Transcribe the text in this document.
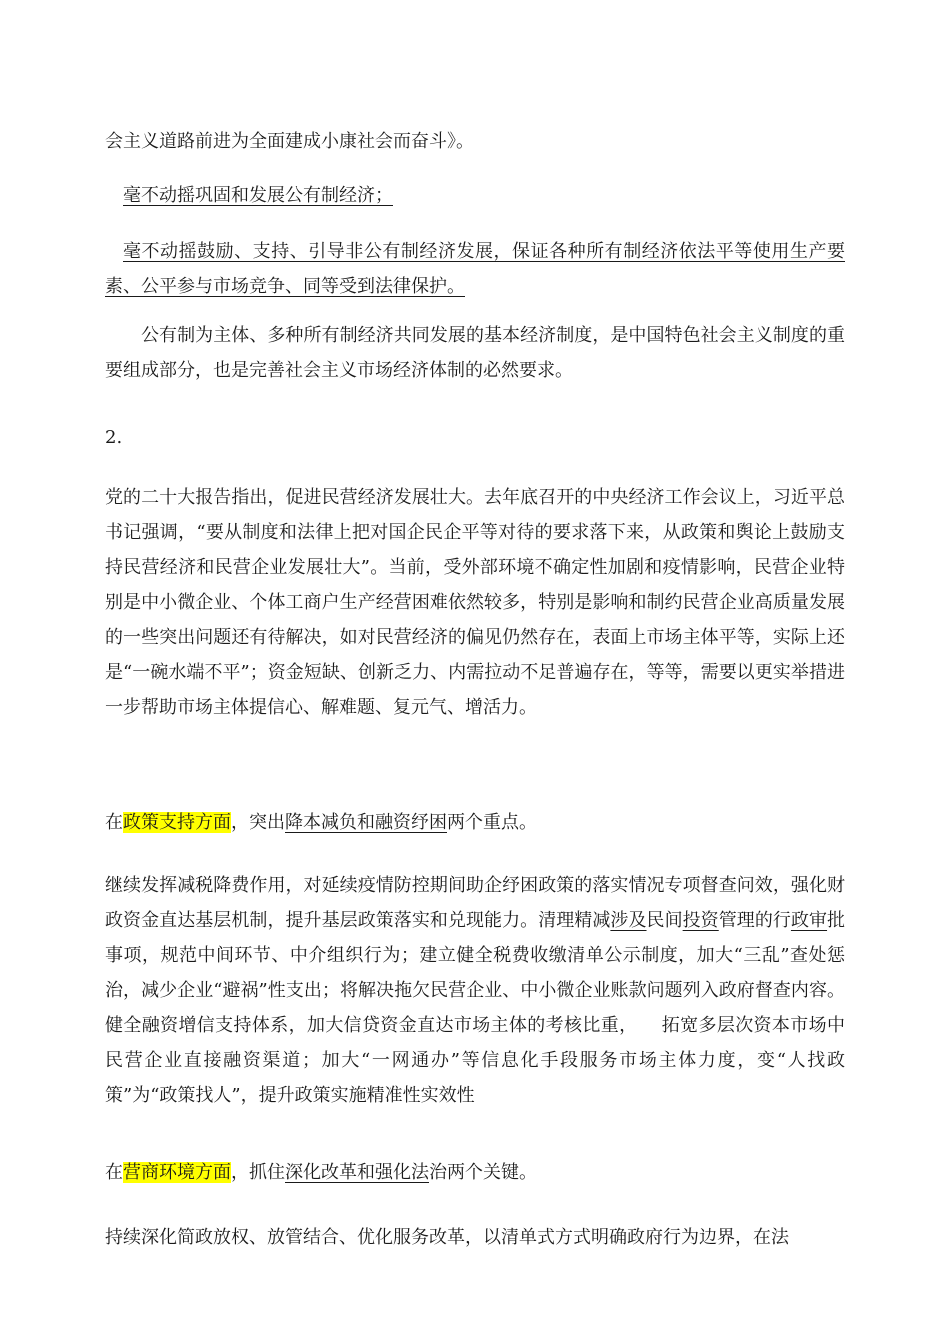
会主义道路前进为全面建成小康社会而奋斗》。

毫不动摇巩固和发展公有制经济；

毫不动摇鼓励、支持、引导非公有制经济发展，保证各种所有制经济依法平等使用生产要素、公平参与市场竞争、同等受到法律保护。

公有制为主体、多种所有制经济共同发展的基本经济制度，是中国特色社会主义制度的重要组成部分，也是完善社会主义市场经济体制的必然要求。

2.

党的二十大报告指出，促进民营经济发展壮大。去年底召开的中央经济工作会议上，习近平总书记强调，“要从制度和法律上把对国企民企平等对待的要求落下来，从政策和舆论上鼓励支持民营经济和民营企业发展壮大”。当前，受外部环境不确定性加剧和疫情影响，民营企业特别是中小微企业、个体工商户生产经营困难依然较多，特别是影响和制约民营企业高质量发展的一些突出问题还有待解决，如对民营经济的偏见仍然存在，表面上市场主体平等，实际上还是“一碗水端不平”；资金短缺、创新乏力、内需拉动不足普遍存在，等等，需要以更实举措进一步帮助市场主体提信心、解难题、复元气、增活力。

在政策支持方面，突出降本减负和融资纾困两个重点。

继续发挥减税降费作用，对延续疫情防控期间助企纾困政策的落实情况专项督查问效，强化财政资金直达基层机制，提升基层政策落实和兑现能力。清理精减涉及民间投资管理的行政审批事项，规范中间环节、中介组织行为；建立健全税费收缴清单公示制度，加大“三乱”查处惩治，减少企业“避祸”性支出；将解决拖欠民营企业、中小微企业账款问题列入政府督查内容。健全融资增信支持体系，加大信贷资金直达市场主体的考核比重，    拓宽多层次资本市场中民营企业直接融资渠道；加大“一网通办”等信息化手段服务市场主体力度，变“人找政策”为“政策找人”，提升政策实施精准性实效性

在营商环境方面，抓住深化改革和强化法治两个关键。

持续深化简政放权、放管结合、优化服务改革，以清单式方式明确政府行为边界，在法
